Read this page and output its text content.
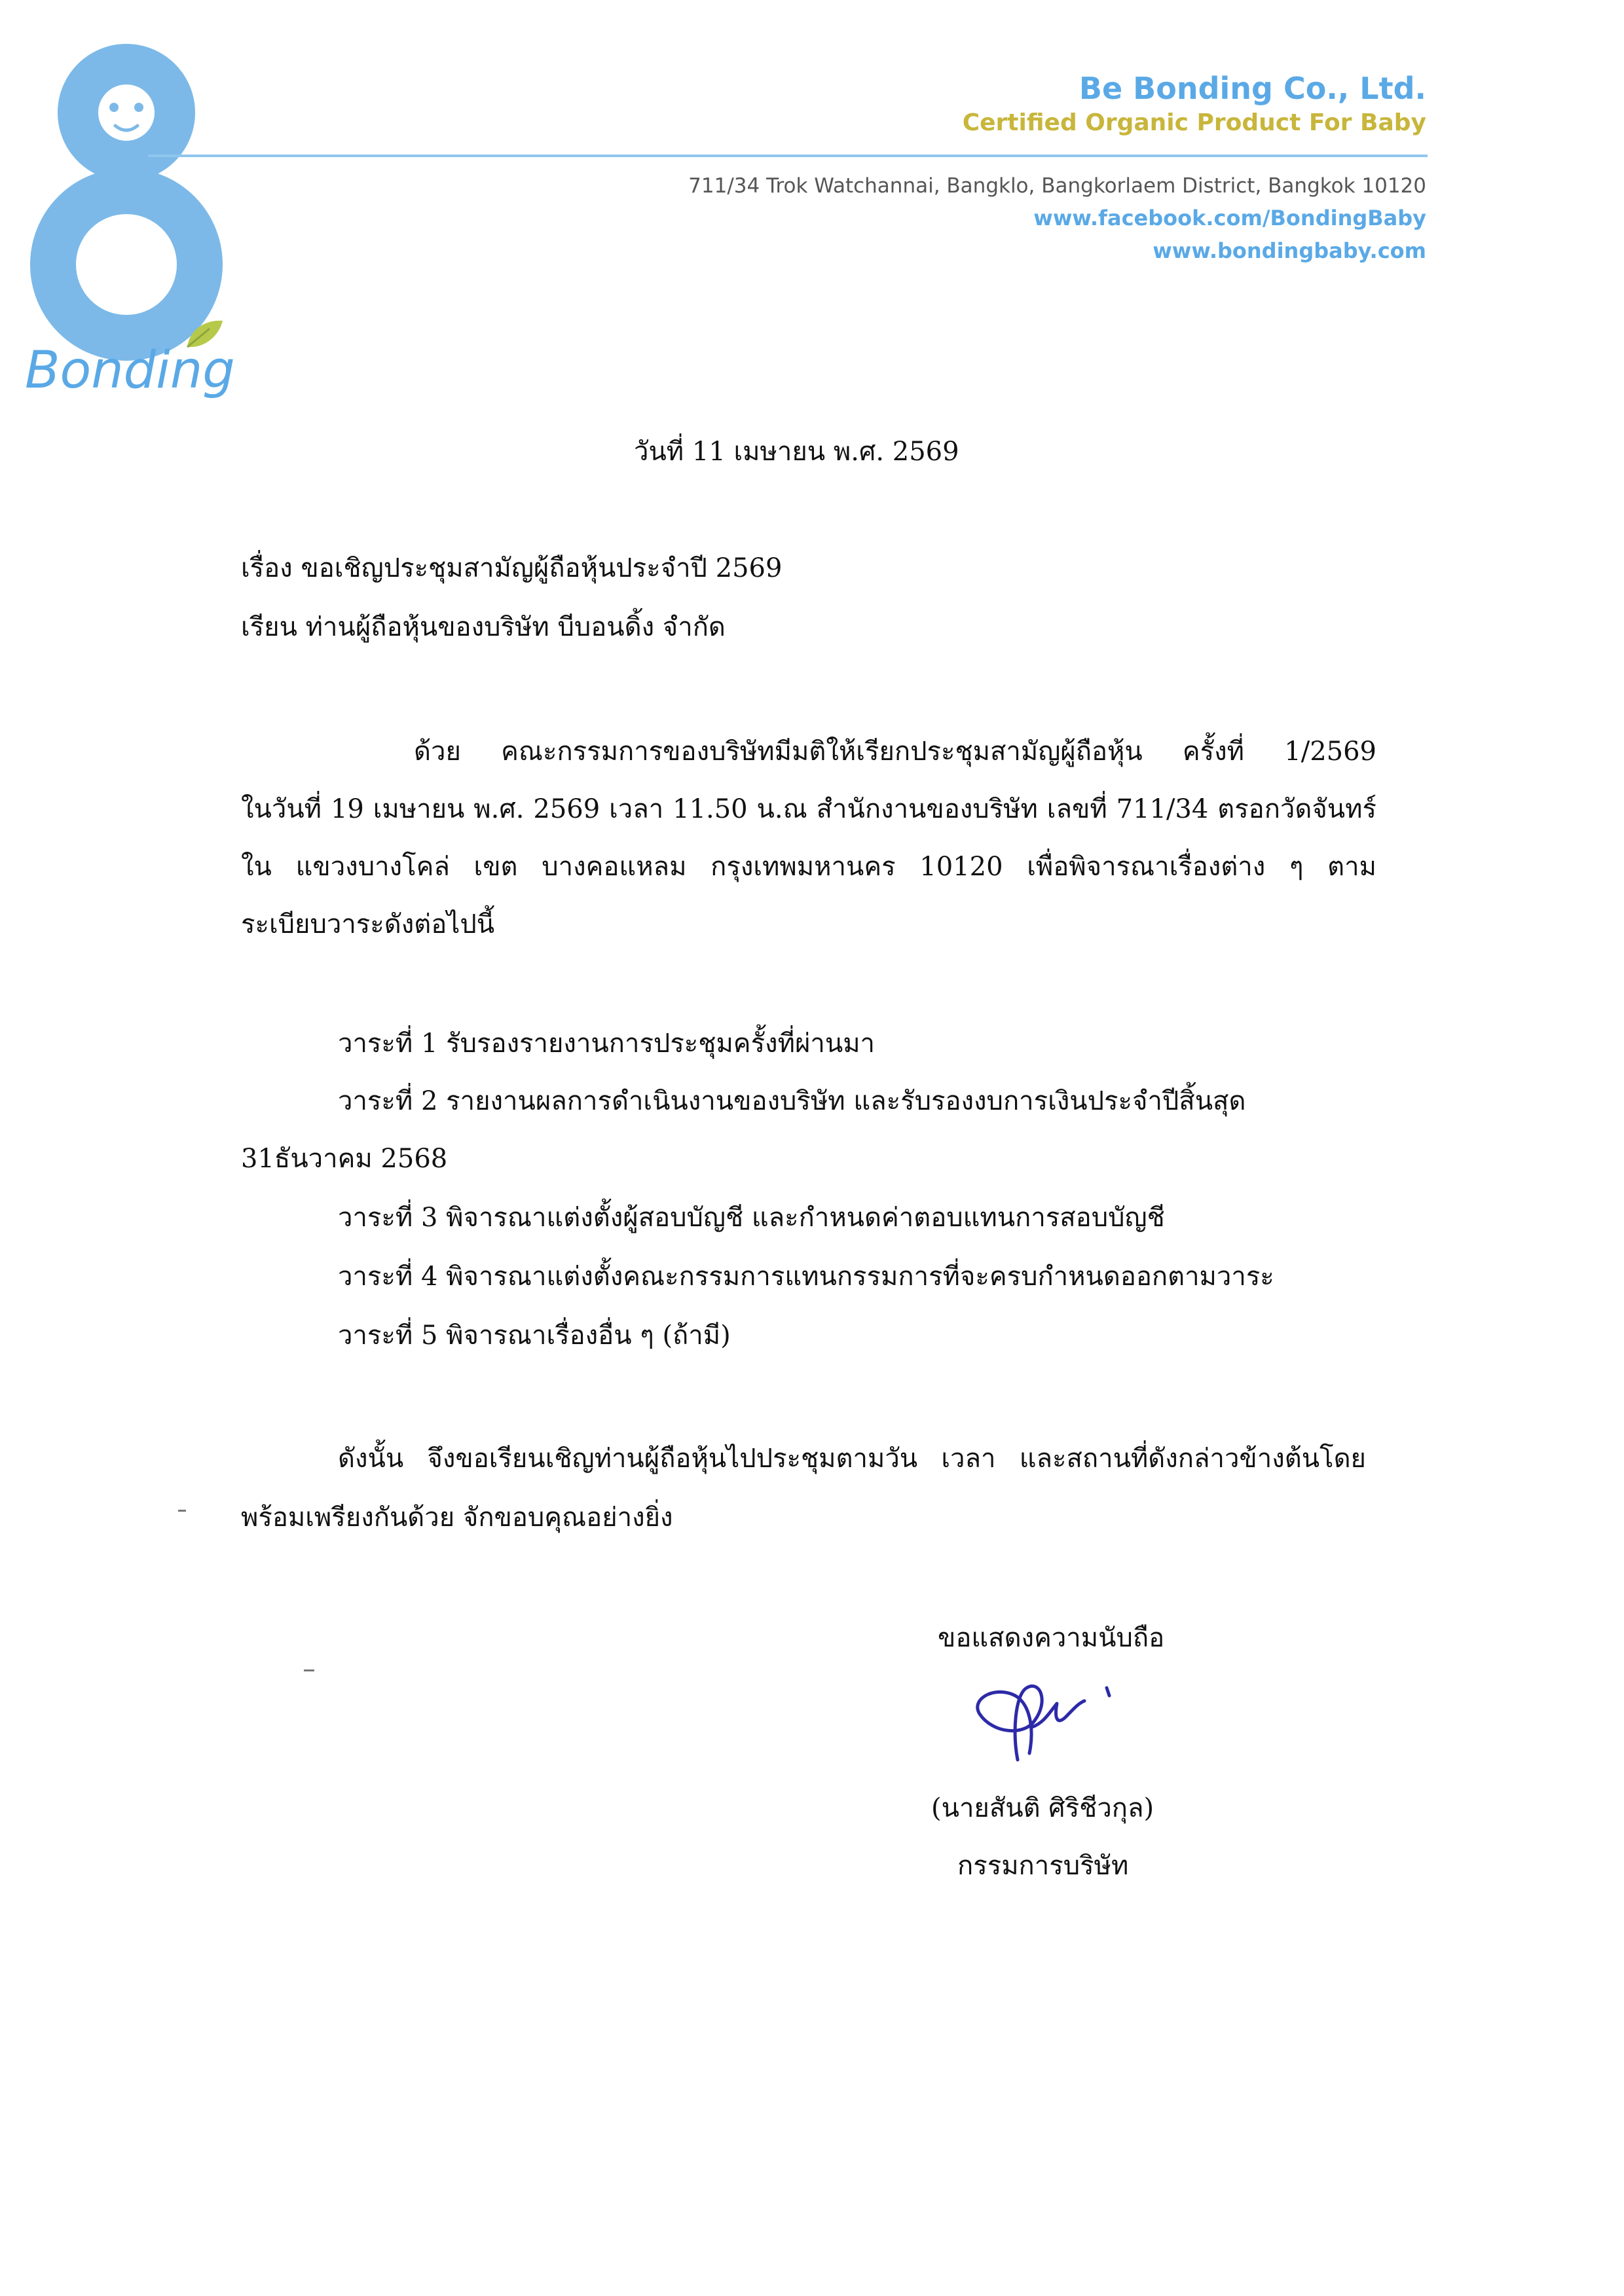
Bonding
Be Bonding Co., Ltd.
Certified Organic Product For Baby
711/34 Trok Watchannai, Bangklo, Bangkorlaem District, Bangkok 10120
www.facebook.com/BondingBaby
www.bondingbaby.com

วันที่ 11 เมษายน พ.ศ. 2569

เรื่อง ขอเชิญประชุมสามัญผู้ถือหุ้นประจำปี 2569

เรียน ท่านผู้ถือหุ้นของบริษัท บีบอนดิ้ง จำกัด

ด้วย คณะกรรมการของบริษัทมีมติให้เรียกประชุมสามัญผู้ถือหุ้น ครั้งที่ 1/2569

ในวันที่ 19 เมษายน พ.ศ. 2569 เวลา 11.50 น.ณ สำนักงานของบริษัท เลขที่ 711/34 ตรอกวัดจันทร์

ใน แขวงบางโคล่ เขต บางคอแหลม กรุงเทพมหานคร 10120 เพื่อพิจารณาเรื่องต่าง ๆ ตาม

ระเบียบวาระดังต่อไปนี้

วาระที่ 1 รับรองรายงานการประชุมครั้งที่ผ่านมา

วาระที่ 2 รายงานผลการดำเนินงานของบริษัท และรับรองงบการเงินประจำปีสิ้นสุด

31ธันวาคม 2568

วาระที่ 3 พิจารณาแต่งตั้งผู้สอบบัญชี และกำหนดค่าตอบแทนการสอบบัญชี

วาระที่ 4 พิจารณาแต่งตั้งคณะกรรมการแทนกรรมการที่จะครบกำหนดออกตามวาระ

วาระที่ 5 พิจารณาเรื่องอื่น ๆ (ถ้ามี)

ดังนั้น จึงขอเรียนเชิญท่านผู้ถือหุ้นไปประชุมตามวัน เวลา และสถานที่ดังกล่าวข้างต้นโดย

พร้อมเพรียงกันด้วย จักขอบคุณอย่างยิ่ง

ขอแสดงความนับถือ

(นายสันติ ศิริชีวกุล)

กรรมการบริษัท
